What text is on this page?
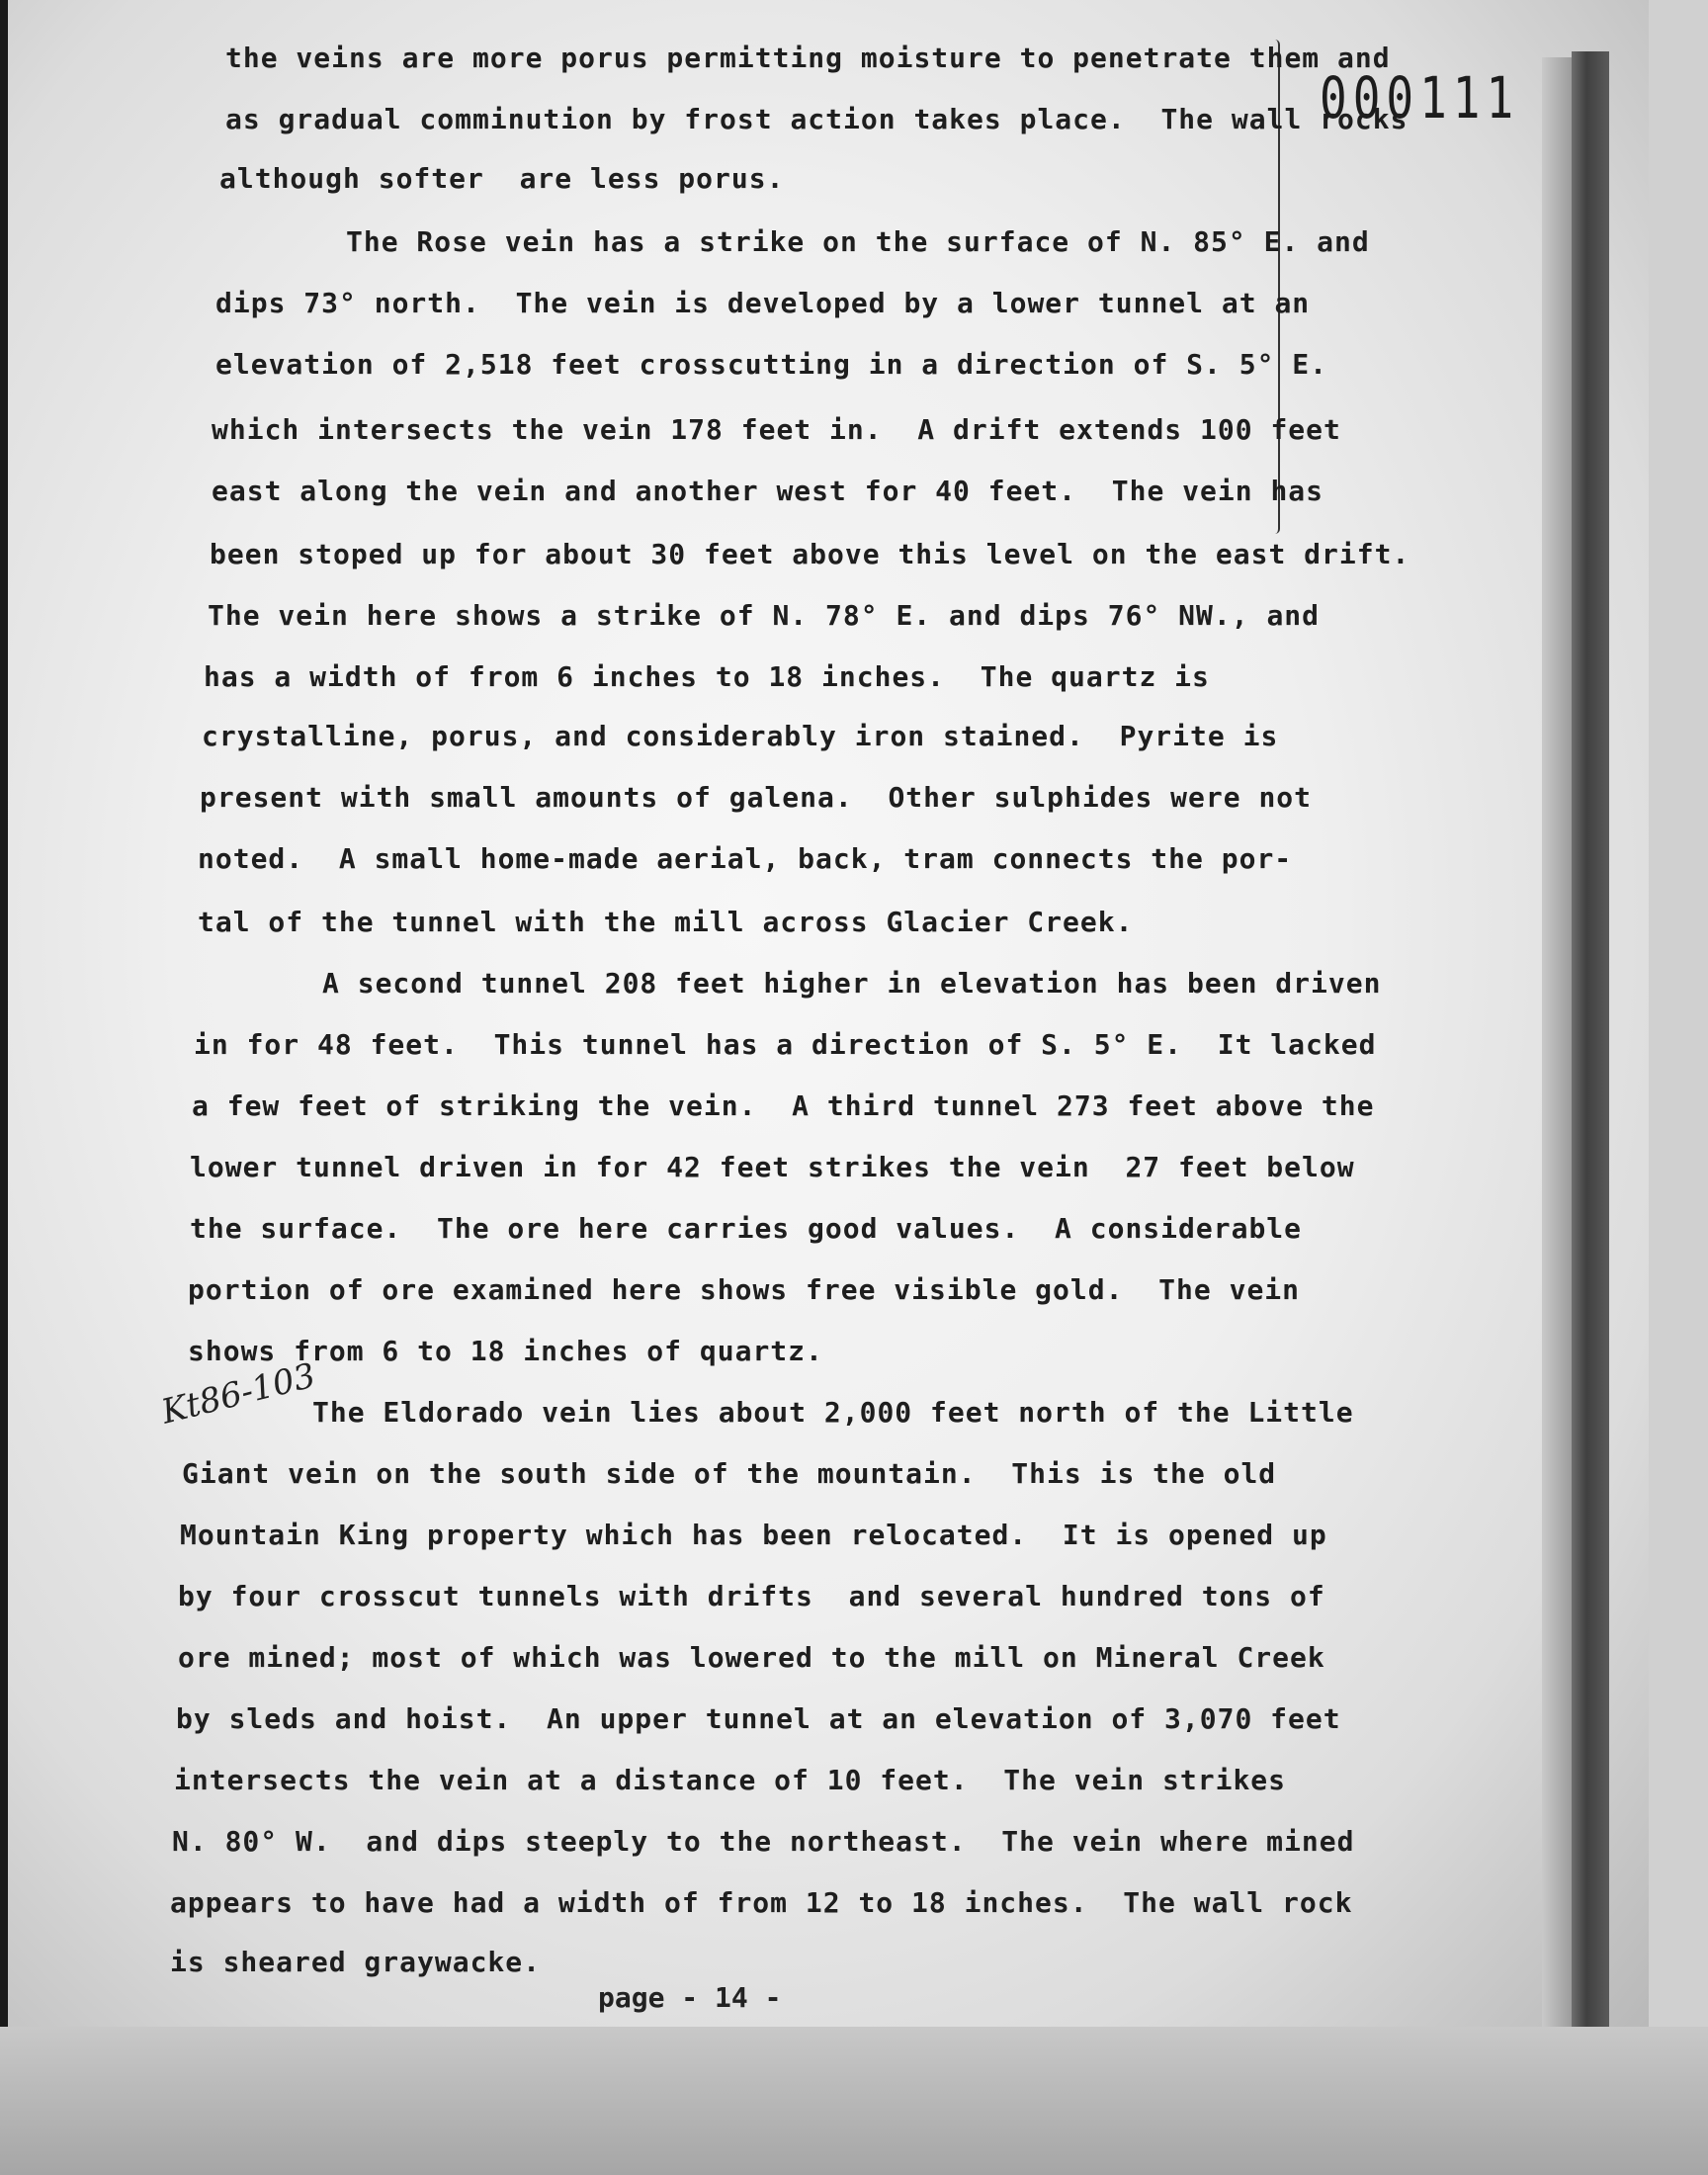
000111
Kt86-103
the veins are more porus permitting moisture to penetrate them and
as gradual comminution by frost action takes place.  The wall rocks
although softer  are less porus.
The Rose vein has a strike on the surface of N. 85° E. and
dips 73° north.  The vein is developed by a lower tunnel at an
elevation of 2,518 feet crosscutting in a direction of S. 5° E.
which intersects the vein 178 feet in.  A drift extends 100 feet
east along the vein and another west for 40 feet.  The vein has
been stoped up for about 30 feet above this level on the east drift.
The vein here shows a strike of N. 78° E. and dips 76° NW., and
has a width of from 6 inches to 18 inches.  The quartz is
crystalline, porus, and considerably iron stained.  Pyrite is
present with small amounts of galena.  Other sulphides were not
noted.  A small home-made aerial, back, tram connects the por-
tal of the tunnel with the mill across Glacier Creek.
A second tunnel 208 feet higher in elevation has been driven
in for 48 feet.  This tunnel has a direction of S. 5° E.  It lacked
a few feet of striking the vein.  A third tunnel 273 feet above the
lower tunnel driven in for 42 feet strikes the vein  27 feet below
the surface.  The ore here carries good values.  A considerable
portion of ore examined here shows free visible gold.  The vein
shows from 6 to 18 inches of quartz.
The Eldorado vein lies about 2,000 feet north of the Little
Giant vein on the south side of the mountain.  This is the old
Mountain King property which has been relocated.  It is opened up
by four crosscut tunnels with drifts  and several hundred tons of
ore mined; most of which was lowered to the mill on Mineral Creek
by sleds and hoist.  An upper tunnel at an elevation of 3,070 feet
intersects the vein at a distance of 10 feet.  The vein strikes
N. 80° W.  and dips steeply to the northeast.  The vein where mined
appears to have had a width of from 12 to 18 inches.  The wall rock
is sheared graywacke.
page - 14 -
